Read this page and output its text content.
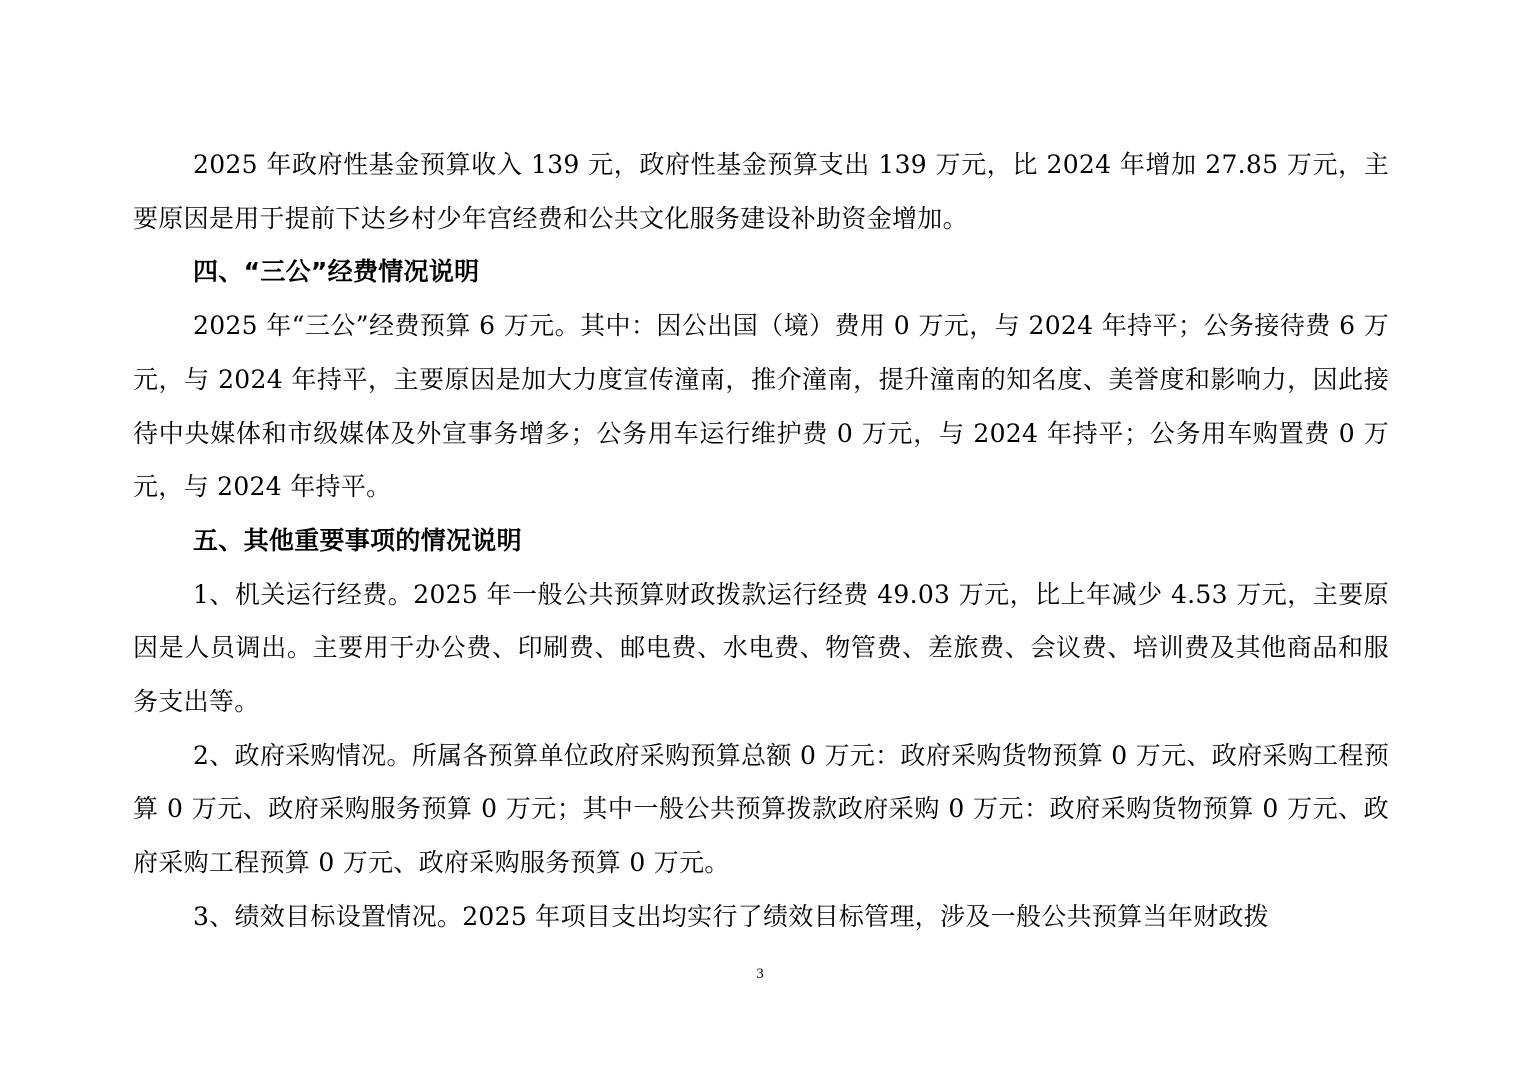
2025 年政府性基金预算收入 139 元，政府性基金预算支出 139 万元，比 2024 年增加 27.85 万元，主要原因是用于提前下达乡村少年宫经费和公共文化服务建设补助资金增加。

四、“三公”经费情况说明

2025 年“三公”经费预算 6 万元。其中：因公出国（境）费用 0 万元，与 2024 年持平；公务接待费 6 万元，与 2024 年持平，主要原因是加大力度宣传潼南，推介潼南，提升潼南的知名度、美誉度和影响力，因此接待中央媒体和市级媒体及外宣事务增多；公务用车运行维护费 0 万元，与 2024 年持平；公务用车购置费 0 万元，与 2024 年持平。

五、其他重要事项的情况说明

1、机关运行经费。2025 年一般公共预算财政拨款运行经费 49.03 万元，比上年减少 4.53 万元，主要原因是人员调出。主要用于办公费、印刷费、邮电费、水电费、物管费、差旅费、会议费、培训费及其他商品和服务支出等。

2、政府采购情况。所属各预算单位政府采购预算总额 0 万元：政府采购货物预算 0 万元、政府采购工程预算 0 万元、政府采购服务预算 0 万元；其中一般公共预算拨款政府采购 0 万元：政府采购货物预算 0 万元、政府采购工程预算 0 万元、政府采购服务预算 0 万元。

3、绩效目标设置情况。2025 年项目支出均实行了绩效目标管理，涉及一般公共预算当年财政拨

3
